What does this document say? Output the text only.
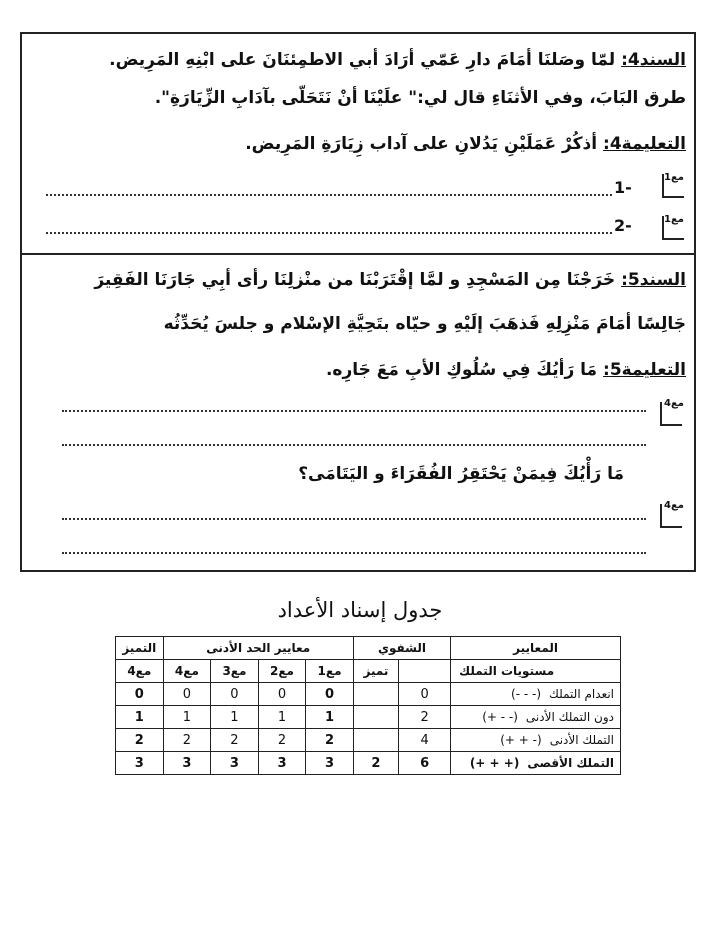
السند4: لمّا وصَلنَا أمَامَ دارِ عَمّي أرَادَ أبي الاطمِئنَانَ على ابْنِهِ المَرِيض.
طرق البَابَ، وفي الأثنَاءِ قال لي:" علَيْنَا أنْ نَتَحَلّى بآدَابِ الزِّيَارَةِ".
التعليمة4: أذكُرْ عَمَلَيْنِ يَدُلانِ على آداب زِيَارَةِ المَرِيض.
1-
2-
مع1
مع1
السند5: خَرَجْنَا مِن المَسْجِدِ و لمَّا إقْتَرَبْنَا من منْزلِنَا رأى أبِي جَارَنَا الفَقِيرَ
جَالِسًا أمَامَ مَنْزِلِهِ فَذهَبَ إلَيْهِ و حيّاه بتَحِيَّةِ الإسْلام و جلسَ يُحَدِّثُه
التعليمة5: مَا رَأيُكَ فِي سُلُوكِ الأبِ مَعَ جَارِه.
مَا رَأْيُكَ فِيمَنْ يَحْتَقِرُ الفُقَرَاءَ و اليَتَامَى؟
مع4
مع4
جدول إسناد الأعداد
المعايير	الشفوي		معايير الحد الأدنى				التميز
مستويات التملك		تميز	مع1	مع2	مع3	مع4	مع4
انعدام التملك(- - -)	0		0	0	0	0	0
دون التملك الأدنى(+ - -)	2		1	1	1	1	1
التملك الأدنى(+ + -)	4		2	2	2	2	2
التملك الأقصى(+ + +)	6	2	3	3	3	3	3
